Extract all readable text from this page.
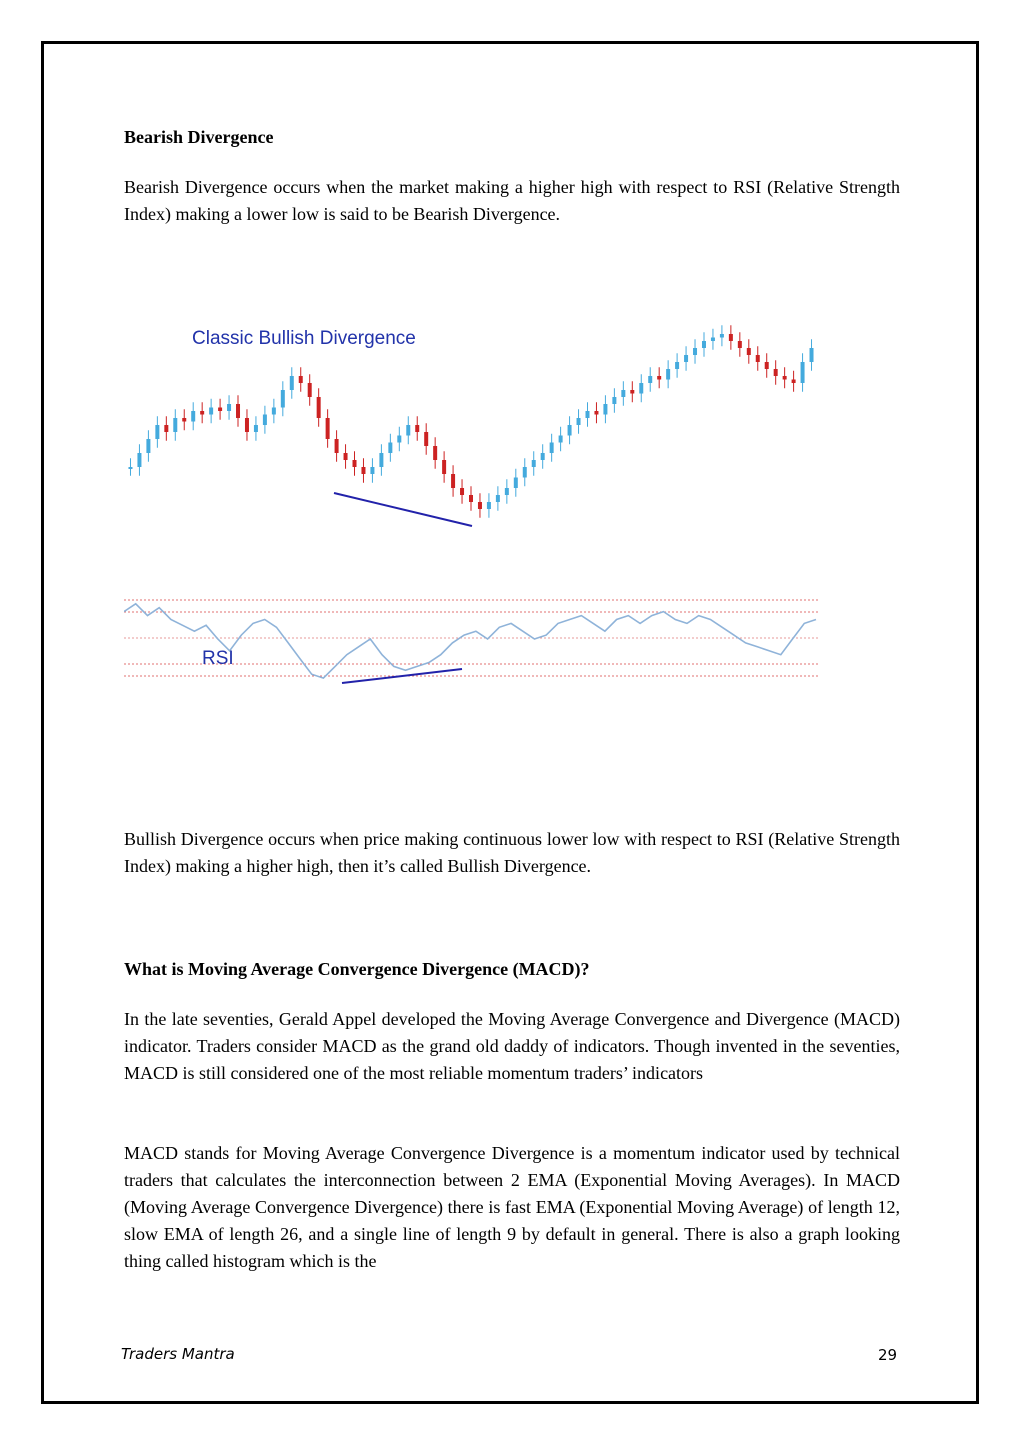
Bearish Divergence
Bearish Divergence occurs when the market making a higher high with respect to RSI (Relative Strength Index) making a lower low is said to be Bearish Divergence.
Classic Bullish Divergence
RSI
Bullish Divergence occurs when price making continuous lower low with respect to RSI (Relative Strength Index) making a higher high, then it’s called Bullish Divergence.
What is Moving Average Convergence Divergence (MACD)?
In the late seventies, Gerald Appel developed the Moving Average Convergence and Divergence (MACD) indicator. Traders consider MACD as the grand old daddy of indicators. Though invented in the seventies, MACD is still considered one of the most reliable momentum traders’ indicators
MACD stands for Moving Average Convergence Divergence is a momentum indicator used by technical traders that calculates the interconnection between 2 EMA (Exponential Moving Averages). In MACD (Moving Average Convergence Divergence) there is fast EMA (Exponential Moving Average) of length 12, slow EMA of length 26, and a single line of length 9 by default in general. There is also a graph looking thing called histogram which is the
Traders Mantra	29
